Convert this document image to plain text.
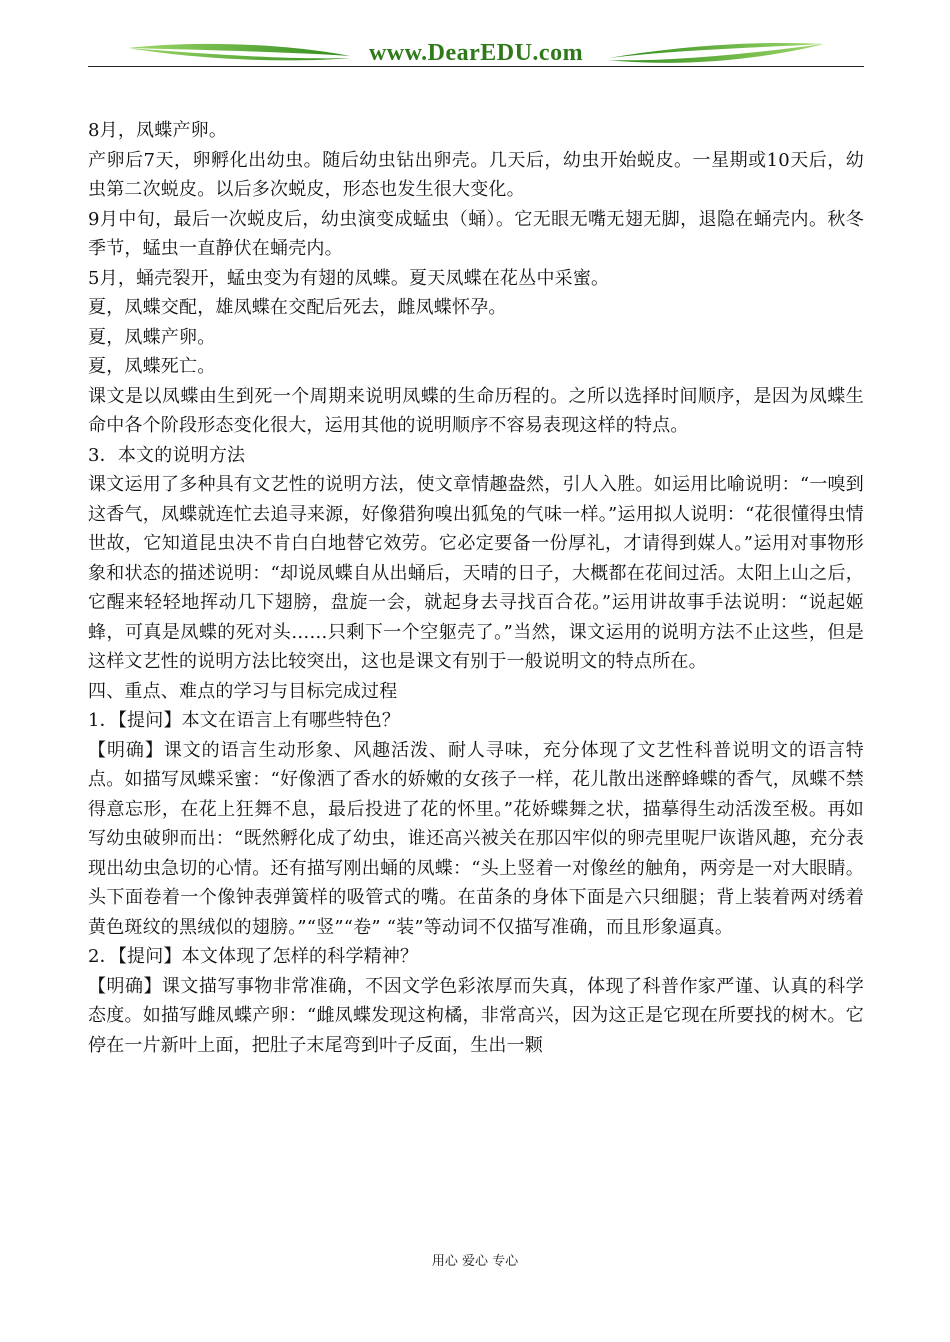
www.DearEDU.com

8月，凤蝶产卵。

产卵后7天，卵孵化出幼虫。随后幼虫钻出卵壳。几天后，幼虫开始蜕皮。一星期或10天后，幼虫第二次蜕皮。以后多次蜕皮，形态也发生很大变化。

9月中旬，最后一次蜕皮后，幼虫演变成蜢虫（蛹）。它无眼无嘴无翅无脚，退隐在蛹壳内。秋冬季节，蜢虫一直静伏在蛹壳内。

5月，蛹壳裂开，蜢虫变为有翅的凤蝶。夏天凤蝶在花丛中采蜜。

夏，凤蝶交配，雄凤蝶在交配后死去，雌凤蝶怀孕。

夏，凤蝶产卵。

夏，凤蝶死亡。

课文是以凤蝶由生到死一个周期来说明凤蝶的生命历程的。之所以选择时间顺序，是因为凤蝶生命中各个阶段形态变化很大，运用其他的说明顺序不容易表现这样的特点。

3．本文的说明方法

课文运用了多种具有文艺性的说明方法，使文章情趣盎然，引人入胜。如运用比喻说明：“一嗅到这香气，凤蝶就连忙去追寻来源，好像猎狗嗅出狐兔的气味一样。”运用拟人说明：“花很懂得虫情世故，它知道昆虫决不肯白白地替它效劳。它必定要备一份厚礼，才请得到媒人。”运用对事物形象和状态的描述说明：“却说凤蝶自从出蛹后，天晴的日子，大概都在花间过活。太阳上山之后，它醒来轻轻地挥动几下翅膀，盘旋一会，就起身去寻找百合花。”运用讲故事手法说明：“说起姬蜂，可真是凤蝶的死对头……只剩下一个空躯壳了。”当然，课文运用的说明方法不止这些，但是这样文艺性的说明方法比较突出，这也是课文有别于一般说明文的特点所在。

四、重点、难点的学习与目标完成过程

1．【提问】本文在语言上有哪些特色？

【明确】课文的语言生动形象、风趣活泼、耐人寻味，充分体现了文艺性科普说明文的语言特点。如描写凤蝶采蜜：“好像洒了香水的娇嫩的女孩子一样，花儿散出迷醉蜂蝶的香气，凤蝶不禁得意忘形，在花上狂舞不息，最后投进了花的怀里。”花娇蝶舞之状，描摹得生动活泼至极。再如写幼虫破卵而出：“既然孵化成了幼虫，谁还高兴被关在那囚牢似的卵壳里呢尸诙谐风趣，充分表现出幼虫急切的心情。还有描写刚出蛹的凤蝶：“头上竖着一对像丝的触角，两旁是一对大眼睛。头下面卷着一个像钟表弹簧样的吸管式的嘴。在苗条的身体下面是六只细腿；背上装着两对绣着黄色斑纹的黑绒似的翅膀。”“竖”“卷” “装”等动词不仅描写准确，而且形象逼真。

2．【提问】本文体现了怎样的科学精神？

【明确】课文描写事物非常准确，不因文学色彩浓厚而失真，体现了科普作家严谨、认真的科学态度。如描写雌凤蝶产卵：“雌凤蝶发现这枸橘，非常高兴，因为这正是它现在所要找的树木。它停在一片新叶上面，把肚子末尾弯到叶子反面，生出一颗

用心 爱心 专心
